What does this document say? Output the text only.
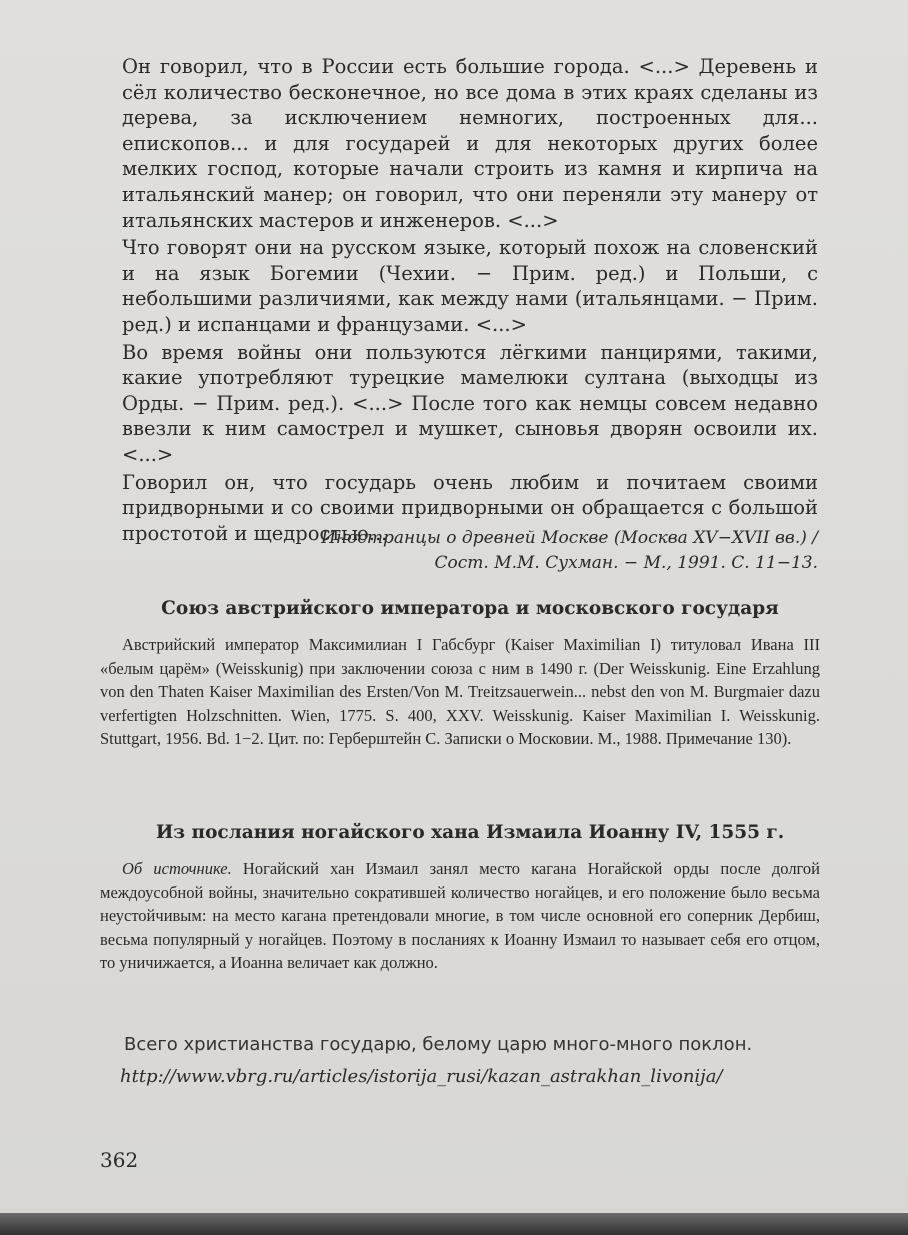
Он говорил, что в России есть большие города. <...> Деревень и сёл количество бесконечное, но все дома в этих краях сделаны из дерева, за исключением немногих, построенных для... епископов... и для государей и для некоторых других более мелких господ, которые начали строить из камня и кирпича на итальянский манер; он говорил, что они переняли эту манеру от итальянских мастеров и инженеров. <...>

Что говорят они на русском языке, который похож на словенский и на язык Богемии (Чехии. − Прим. ред.) и Польши, с небольшими различиями, как между нами (итальянцами. − Прим. ред.) и испанцами и французами. <...>

Во время войны они пользуются лёгкими панцирями, такими, какие употребляют турецкие мамелюки султана (выходцы из Орды. − Прим. ред.). <...> После того как немцы совсем недавно ввезли к ним самострел и мушкет, сыновья дворян освоили их. <...>

Говорил он, что государь очень любим и почитаем своими придворными и со своими придворными он обращается с большой простотой и щедростью...

Иностранцы о древней Москве (Москва XV−XVII вв.) /
Сост. М.М. Сухман. − М., 1991. С. 11−13.
Союз австрийского императора и московского государя

Австрийский император Максимилиан I Габсбург (Kaiser Maximilian I) титуловал Ивана III «белым царём» (Weisskunig) при заключении союза с ним в 1490 г. (Der Weisskunig. Eine Erzahlung von den Thaten Kaiser Maximilian des Ersten/Von M. Treitzsauerwein... nebst den von M. Burgmaier dazu verfertigten Holzschnitten. Wien, 1775. S. 400, XXV. Weisskunig. Kaiser Maximilian I. Weisskunig. Stuttgart, 1956. Bd. 1−2. Цит. по: Герберштейн С. Записки о Московии. М., 1988. Примечание 130).

Из послания ногайского хана Измаила Иоанну IV, 1555 г.

Об источнике. Ногайский хан Измаил занял место кагана Ногайской орды после долгой междоусобной войны, значительно сократившей количество ногайцев, и его положение было весьма неустойчивым: на место кагана претендовали многие, в том числе основной его соперник Дербиш, весьма популярный у ногайцев. Поэтому в посланиях к Иоанну Измаил то называет себя его отцом, то уничижается, а Иоанна величает как должно.

Всего христианства государю, белому царю много-много поклон.
http://www.vbrg.ru/articles/istorija_rusi/kazan_astrakhan_livonija/
362
